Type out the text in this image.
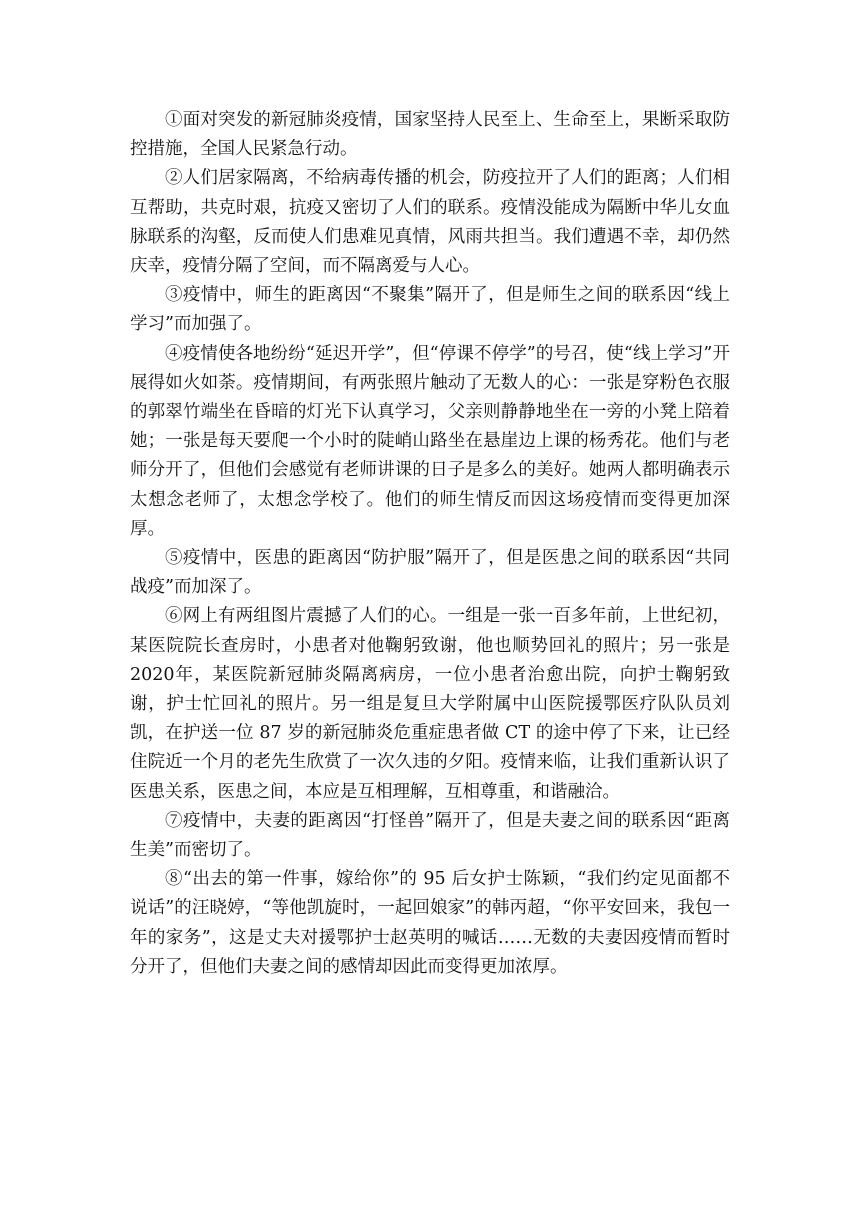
①面对突发的新冠肺炎疫情，国家坚持人民至上、生命至上，果断采取防控措施，全国人民紧急行动。

②人们居家隔离，不给病毒传播的机会，防疫拉开了人们的距离；人们相互帮助，共克时艰，抗疫又密切了人们的联系。疫情没能成为隔断中华儿女血脉联系的沟壑，反而使人们患难见真情，风雨共担当。我们遭遇不幸，却仍然庆幸，疫情分隔了空间，而不隔离爱与人心。

③疫情中，师生的距离因“不聚集”隔开了，但是师生之间的联系因“线上学习”而加强了。

④疫情使各地纷纷“延迟开学”，但“停课不停学”的号召，使“线上学习”开展得如火如荼。疫情期间，有两张照片触动了无数人的心：一张是穿粉色衣服的郭翠竹端坐在昏暗的灯光下认真学习，父亲则静静地坐在一旁的小凳上陪着她；一张是每天要爬一个小时的陡峭山路坐在悬崖边上课的杨秀花。他们与老师分开了，但他们会感觉有老师讲课的日子是多么的美好。她两人都明确表示太想念老师了，太想念学校了。他们的师生情反而因这场疫情而变得更加深厚。

⑤疫情中，医患的距离因“防护服”隔开了，但是医患之间的联系因“共同战疫”而加深了。

⑥网上有两组图片震撼了人们的心。一组是一张一百多年前，上世纪初，某医院院长查房时，小患者对他鞠躬致谢，他也顺势回礼的照片；另一张是 2020年，某医院新冠肺炎隔离病房，一位小患者治愈出院，向护士鞠躬致谢，护士忙回礼的照片。另一组是复旦大学附属中山医院援鄂医疗队队员刘凯，在护送一位 87 岁的新冠肺炎危重症患者做 CT 的途中停了下来，让已经住院近一个月的老先生欣赏了一次久违的夕阳。疫情来临，让我们重新认识了医患关系，医患之间，本应是互相理解，互相尊重，和谐融洽。

⑦疫情中，夫妻的距离因“打怪兽”隔开了，但是夫妻之间的联系因“距离生美”而密切了。

⑧“出去的第一件事，嫁给你”的 95 后女护士陈颖，“我们约定见面都不说话”的汪晓婷，“等他凯旋时，一起回娘家”的韩丙超，“你平安回来，我包一年的家务”，这是丈夫对援鄂护士赵英明的喊话……无数的夫妻因疫情而暂时分开了，但他们夫妻之间的感情却因此而变得更加浓厚。
